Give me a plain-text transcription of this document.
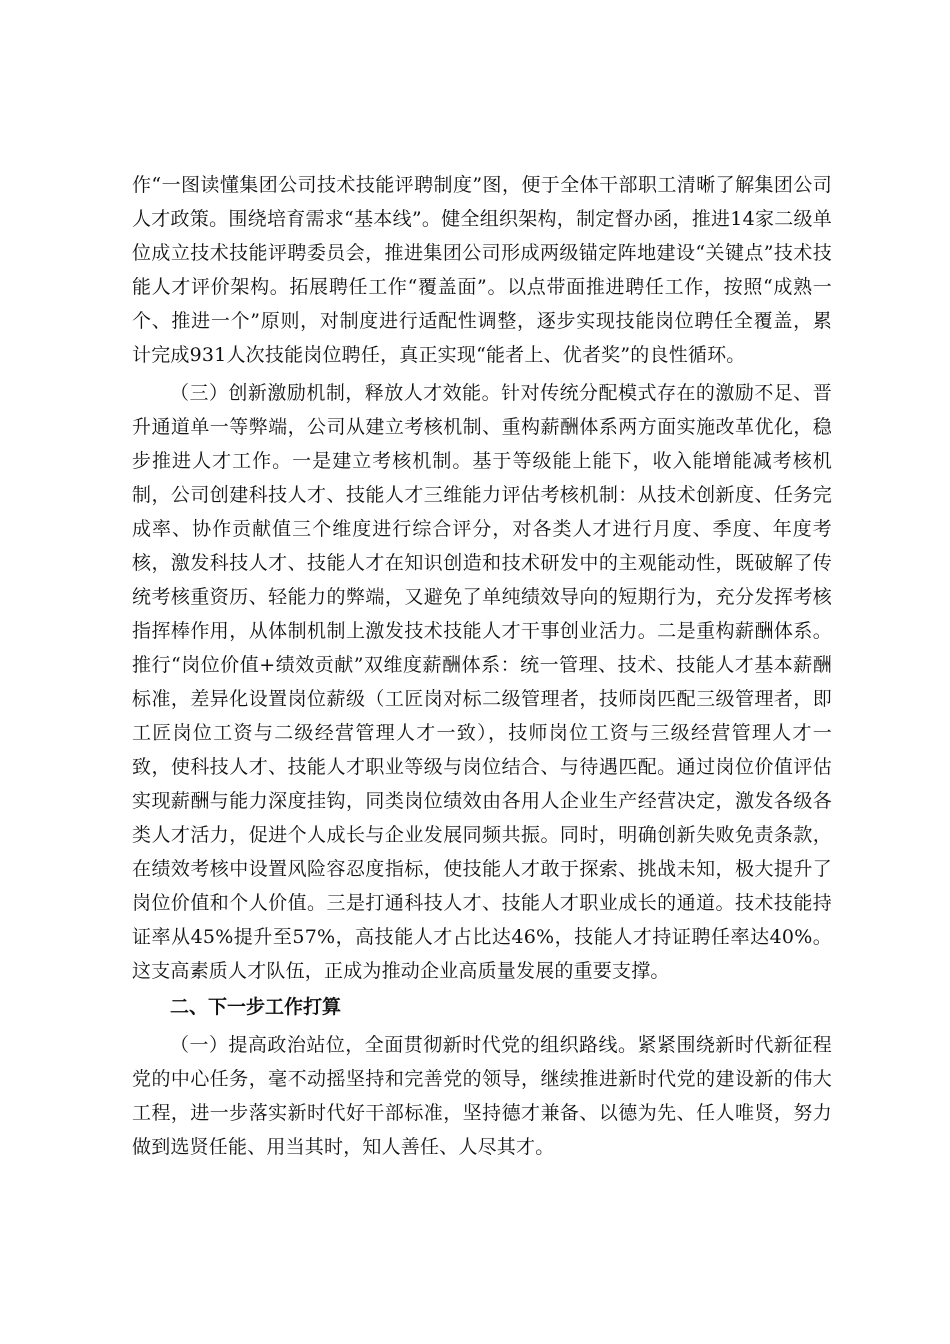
作“一图读懂集团公司技术技能评聘制度”图，便于全体干部职工清晰了解集团公司人才政策。围绕培育需求“基本线”。健全组织架构，制定督办函，推进14家二级单位成立技术技能评聘委员会，推进集团公司形成两级锚定阵地建设“关键点”技术技能人才评价架构。拓展聘任工作“覆盖面”。以点带面推进聘任工作，按照“成熟一个、推进一个”原则，对制度进行适配性调整，逐步实现技能岗位聘任全覆盖，累计完成931人次技能岗位聘任，真正实现“能者上、优者奖”的良性循环。

（三）创新激励机制，释放人才效能。针对传统分配模式存在的激励不足、晋升通道单一等弊端，公司从建立考核机制、重构薪酬体系两方面实施改革优化，稳步推进人才工作。一是建立考核机制。基于等级能上能下，收入能增能减考核机制，公司创建科技人才、技能人才三维能力评估考核机制：从技术创新度、任务完成率、协作贡献值三个维度进行综合评分，对各类人才进行月度、季度、年度考核，激发科技人才、技能人才在知识创造和技术研发中的主观能动性，既破解了传统考核重资历、轻能力的弊端，又避免了单纯绩效导向的短期行为，充分发挥考核指挥棒作用，从体制机制上激发技术技能人才干事创业活力。二是重构薪酬体系。推行“岗位价值+绩效贡献”双维度薪酬体系：统一管理、技术、技能人才基本薪酬标准，差异化设置岗位薪级（工匠岗对标二级管理者，技师岗匹配三级管理者，即工匠岗位工资与二级经营管理人才一致），技师岗位工资与三级经营管理人才一致，使科技人才、技能人才职业等级与岗位结合、与待遇匹配。通过岗位价值评估实现薪酬与能力深度挂钩，同类岗位绩效由各用人企业生产经营决定，激发各级各类人才活力，促进个人成长与企业发展同频共振。同时，明确创新失败免责条款，在绩效考核中设置风险容忍度指标，使技能人才敢于探索、挑战未知，极大提升了岗位价值和个人价值。三是打通科技人才、技能人才职业成长的通道。技术技能持证率从45%提升至57%，高技能人才占比达46%，技能人才持证聘任率达40%。这支高素质人才队伍，正成为推动企业高质量发展的重要支撑。

二、下一步工作打算

（一）提高政治站位，全面贯彻新时代党的组织路线。紧紧围绕新时代新征程党的中心任务，毫不动摇坚持和完善党的领导，继续推进新时代党的建设新的伟大工程，进一步落实新时代好干部标准，坚持德才兼备、以德为先、任人唯贤，努力做到选贤任能、用当其时，知人善任、人尽其才。
